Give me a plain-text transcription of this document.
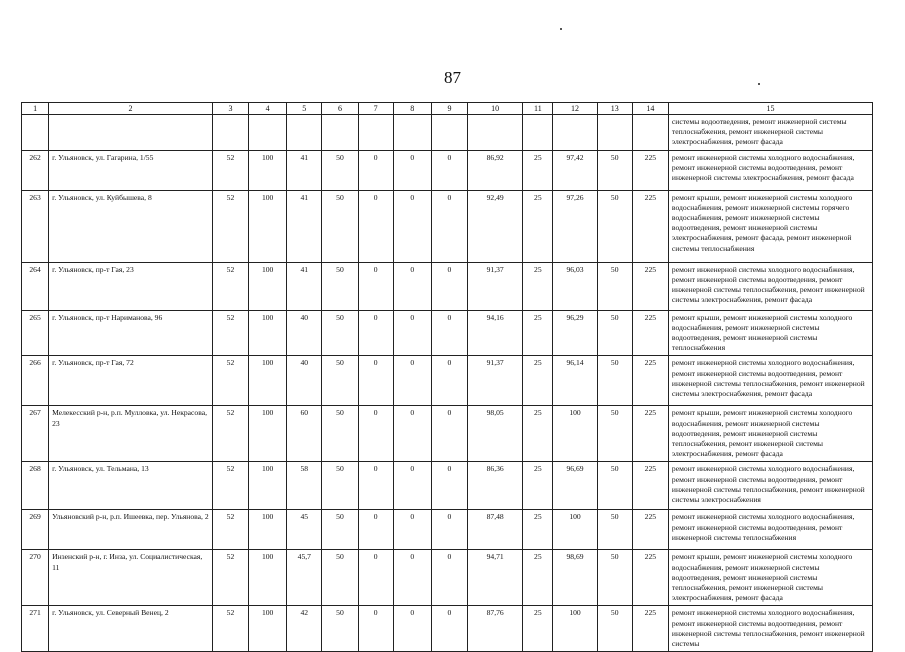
87
1	2	3	4	5	6	7	8	9	10	11	12	13	14	15
														системы водоотведения, ремонт инженерной системы теплоснабжения, ремонт инженерной системы электроснабжения, ремонт фасада
262	г. Ульяновск, ул. Гагарина, 1/55	52	100	41	50	0	0	0	86,92	25	97,42	50	225	ремонт инженерной системы холодного водоснабжения, ремонт инженерной системы водоотведения, ремонт инженерной системы электроснабжения, ремонт фасада
263	г. Ульяновск, ул. Куйбышева, 8	52	100	41	50	0	0	0	92,49	25	97,26	50	225	ремонт крыши, ремонт инженерной системы холодного водоснабжения, ремонт инженерной системы горячего водоснабжения, ремонт инженерной системы водоотведения, ремонт инженерной системы электроснабжения, ремонт фасада, ремонт инженерной системы теплоснабжения
264	г. Ульяновск, пр-т Гая, 23	52	100	41	50	0	0	0	91,37	25	96,03	50	225	ремонт инженерной системы холодного водоснабжения, ремонт инженерной системы водоотведения, ремонт инженерной системы теплоснабжения, ремонт инженерной системы электроснабжения, ремонт фасада
265	г. Ульяновск, пр-т Нариманова, 96	52	100	40	50	0	0	0	94,16	25	96,29	50	225	ремонт крыши, ремонт инженерной системы холодного водоснабжения, ремонт инженерной системы водоотведения, ремонт инженерной системы теплоснабжения
266	г. Ульяновск, пр-т Гая, 72	52	100	40	50	0	0	0	91,37	25	96,14	50	225	ремонт инженерной системы холодного водоснабжения, ремонт инженерной системы водоотведения, ремонт инженерной системы теплоснабжения, ремонт инженерной системы электроснабжения, ремонт фасада
267	Мелекесский р-н, р.п. Мулловка, ул. Некрасова, 23	52	100	60	50	0	0	0	98,05	25	100	50	225	ремонт крыши, ремонт инженерной системы холодного водоснабжения, ремонт инженерной системы водоотведения, ремонт инженерной системы теплоснабжения, ремонт инженерной системы электроснабжения, ремонт фасада
268	г. Ульяновск, ул. Тельмана, 13	52	100	58	50	0	0	0	86,36	25	96,69	50	225	ремонт инженерной системы холодного водоснабжения, ремонт инженерной системы водоотведения, ремонт инженерной системы теплоснабжения, ремонт инженерной системы электроснабжения
269	Ульяновский р-н, р.п. Ишеевка, пер. Ульянова, 2	52	100	45	50	0	0	0	87,48	25	100	50	225	ремонт инженерной системы холодного водоснабжения, ремонт инженерной системы водоотведения, ремонт инженерной системы теплоснабжения
270	Инзенский р-н, г. Инза, ул. Социалистическая, 11	52	100	45,7	50	0	0	0	94,71	25	98,69	50	225	ремонт крыши, ремонт инженерной системы холодного водоснабжения, ремонт инженерной системы водоотведения, ремонт инженерной системы теплоснабжения, ремонт инженерной системы электроснабжения, ремонт фасада
271	г. Ульяновск, ул. Северный Венец, 2	52	100	42	50	0	0	0	87,76	25	100	50	225	ремонт инженерной системы холодного водоснабжения, ремонт инженерной системы водоотведения, ремонт инженерной системы теплоснабжения, ремонт инженерной системы
